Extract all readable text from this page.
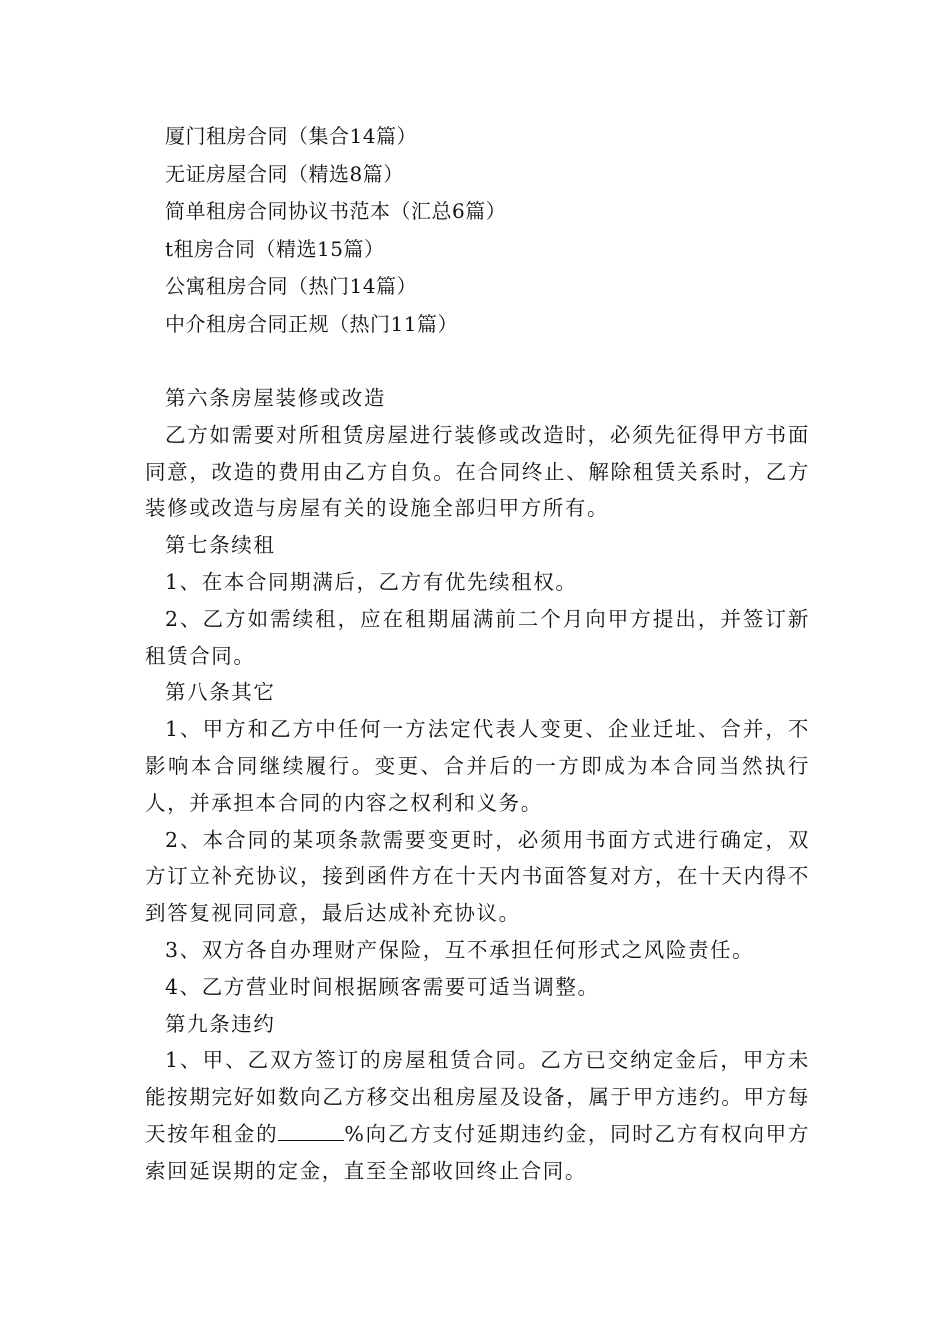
厦门租房合同（集合14篇）
无证房屋合同（精选8篇）
简单租房合同协议书范本（汇总6篇）
t租房合同（精选15篇）
公寓租房合同（热门14篇）
中介租房合同正规（热门11篇）

第六条房屋装修或改造

乙方如需要对所租赁房屋进行装修或改造时，必须先征得甲方书面同意，改造的费用由乙方自负。在合同终止、解除租赁关系时，乙方装修或改造与房屋有关的设施全部归甲方所有。

第七条续租

1、在本合同期满后，乙方有优先续租权。

2、乙方如需续租，应在租期届满前二个月向甲方提出，并签订新租赁合同。

第八条其它

1、甲方和乙方中任何一方法定代表人变更、企业迁址、合并，不影响本合同继续履行。变更、合并后的一方即成为本合同当然执行人，并承担本合同的内容之权利和义务。

2、本合同的某项条款需要变更时，必须用书面方式进行确定，双方订立补充协议，接到函件方在十天内书面答复对方，在十天内得不到答复视同同意，最后达成补充协议。

3、双方各自办理财产保险，互不承担任何形式之风险责任。

4、乙方营业时间根据顾客需要可适当调整。

第九条违约

1、甲、乙双方签订的房屋租赁合同。乙方已交纳定金后，甲方未能按期完好如数向乙方移交出租房屋及设备，属于甲方违约。甲方每天按年租金的	%向乙方支付延期违约金，同时乙方有权向甲方索回延误期的定金，直至全部收回终止合同。
